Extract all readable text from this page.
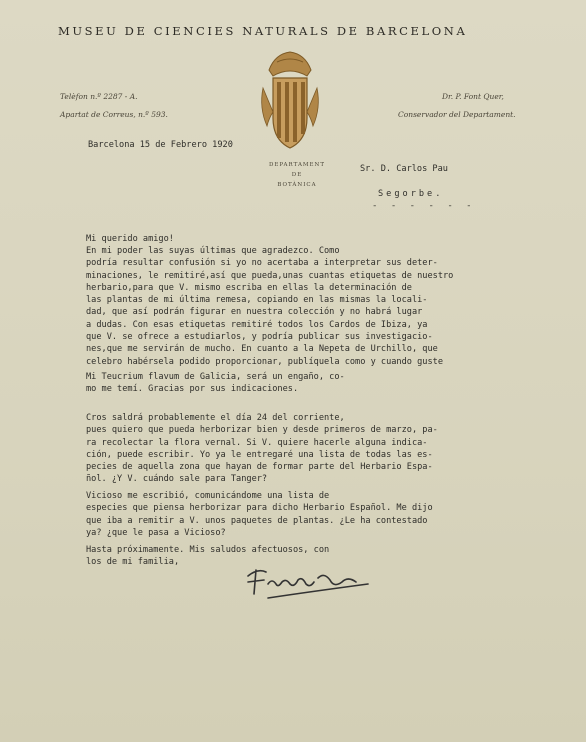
MUSEU DE CIENCIES NATURALS DE BARCELONA
Telèfon n.º 2287 - A.
Apartat de Correus, n.º 593.
Dr. P. Font Quer,
Conservador del Departament.
DEPARTAMENT
DE
BOTÀNICA
Barcelona 15 de Febrero 1920
Sr. D. Carlos Pau
Segorbe.
- - - - - -
Mi querido amigo!
En mi poder las suyas últimas que agradezco. Como
podría resultar confusión si yo no acertaba a interpretar sus deter-
minaciones, le remitiré,así que pueda,unas cuantas etiquetas de nuestro
herbario,para que V. mismo escriba en ellas la determinación de
las plantas de mi última remesa, copiando en las mismas la locali-
dad, que así podrán figurar en nuestra colección y no habrá lugar
a dudas. Con esas etiquetas remitiré todos los Cardos de Ibiza, ya
que V. se ofrece a estudiarlos, y podría publicar sus investigacio-
nes,que me servirán de mucho. En cuanto a la Nepeta de Urchillo, que
celebro habérsela podido proporcionar, publíquela como y cuando guste
Mi Teucrium flavum de Galicia, será un engaño, co-
mo me temí. Gracias por sus indicaciones.
Cros saldrá probablemente el día 24 del corriente,
pues quiero que pueda herborizar bien y desde primeros de marzo, pa-
ra recolectar la flora vernal. Si V. quiere hacerle alguna indica-
ción, puede escribir. Yo ya le entregaré una lista de todas las es-
pecies de aquella zona que hayan de formar parte del Herbario Espa-
ñol. ¿Y V. cuándo sale para Tanger?
Vicioso me escribió, comunicándome una lista de
especies que piensa herborizar para dicho Herbario Español. Me dijo
que iba a remitir a V. unos paquetes de plantas. ¿Le ha contestado
ya? ¿que le pasa a Vicioso?
Hasta próximamente. Mis saludos afectuosos, con
los de mi familia,
